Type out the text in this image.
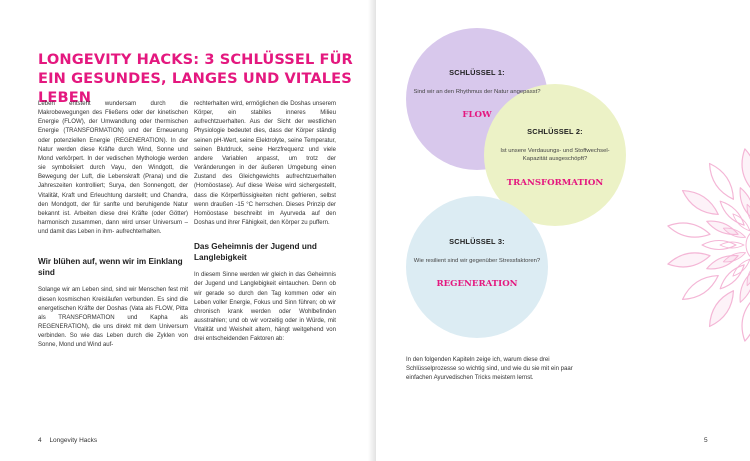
LONGEVITY HACKS: 3 SCHLÜSSEL FÜR EIN GESUNDES, LANGES UND VITALES LEBEN

Leben entsteht wundersam durch die Makrobewegungen des Fließens oder der kinetischen Energie (FLOW), der Umwandlung oder thermischen Energie (TRANSFORMATION) und der Erneuerung oder potenziellen Energie (REGENERATION). In der Natur werden diese Kräfte durch Wind, Sonne und Mond verkörpert. In der vedischen Mythologie werden sie symbolisiert durch Vayu, den Windgott, die Bewegung der Luft, die Lebenskraft (Prana) und die Jahreszeiten kontrolliert; Surya, den Sonnengott, der Vitalität, Kraft und Erleuchtung darstellt; und Chandra, den Mondgott, der für sanfte und beruhigende Natur bekannt ist. Arbeiten diese drei Kräfte (oder Götter) harmonisch zusammen, dann wird unser Universum – und damit das Leben in ihm- aufrechterhalten.

Wir blühen auf, wenn wir im Einklang sind

Solange wir am Leben sind, sind wir Menschen fest mit diesen kosmischen Kreisläufen verbunden. Es sind die energetischen Kräfte der Doshas (Vata als FLOW, Pitta als TRANSFORMATION und Kapha als REGENERATION), die uns direkt mit dem Universum verbinden. So wie das Leben durch die Zyklen von Sonne, Mond und Wind auf-

rechterhalten wird, ermöglichen die Doshas unserem Körper, ein stabiles inneres Milieu aufrechtzuerhalten. Aus der Sicht der westlichen Physiologie bedeutet dies, dass der Körper ständig seinen pH-Wert, seine Elektrolyte, seine Temperatur, seinen Blutdruck, seine Herzfrequenz und viele andere Variablen anpasst, um trotz der Veränderungen in der äußeren Umgebung einen Zustand des Gleichgewichts aufrechtzuerhalten (Homöostase). Auf diese Weise wird sichergestellt, dass die Körperflüssigkeiten nicht gefrieren, selbst wenn draußen -15 °C herrschen. Dieses Prinzip der Homöostase beschreibt im Ayurveda auf den Doshas und ihrer Fähigkeit, den Körper zu puffern.

Das Geheimnis der Jugend und Langlebigkeit

In diesem Sinne werden wir gleich in das Geheimnis der Jugend und Langlebigkeit eintauchen. Denn ob wir gerade so durch den Tag kommen oder ein Leben voller Energie, Fokus und Sinn führen; ob wir chronisch krank werden oder Wohlbefinden ausstrahlen; und ob wir vorzeitig oder in Würde, mit Vitalität und Weisheit altern, hängt weitgehend von drei entscheidenden Faktoren ab:

4 Longevity Hacks
SCHLÜSSEL 1:
Sind wir an den Rhythmus der Natur angepasst?
FLOW
SCHLÜSSEL 2:
Ist unsere Verdauungs- und Stoffwechsel-Kapazität ausgeschöpft?
TRANSFORMATION
SCHLÜSSEL 3:
Wie resilient sind wir gegenüber Stressfaktoren?
REGENERATION
In den folgenden Kapiteln zeige ich, warum diese drei Schlüsselprozesse so wichtig sind, und wie du sie mit ein paar einfachen Ayurvedischen Tricks meistern lernst.
5
